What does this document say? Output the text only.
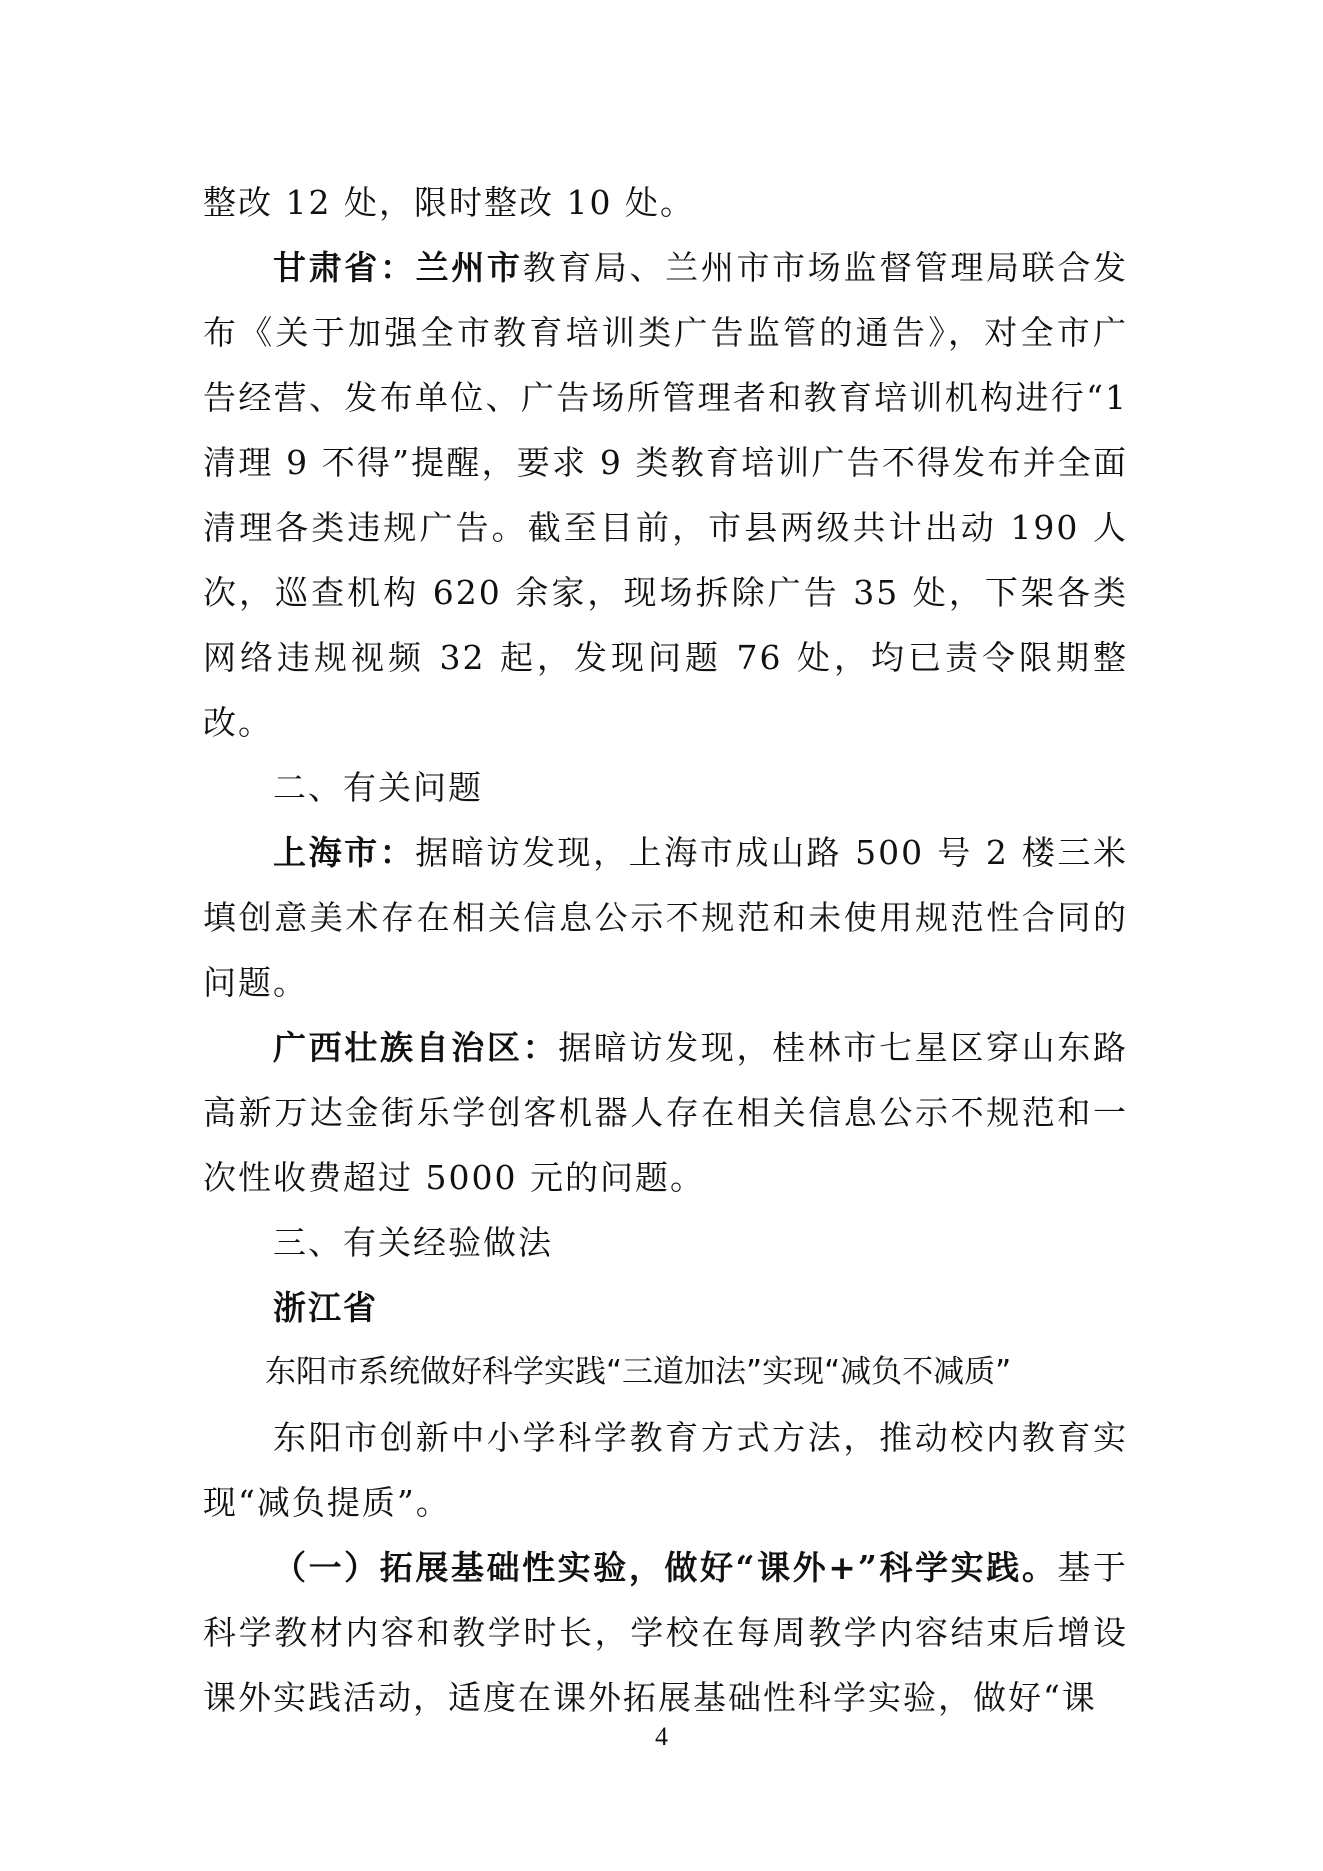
整改 12 处，限时整改 10 处。

甘肃省：兰州市教育局、兰州市市场监督管理局联合发布《关于加强全市教育培训类广告监管的通告》，对全市广告经营、发布单位、广告场所管理者和教育培训机构进行“1清理 9 不得”提醒，要求 9 类教育培训广告不得发布并全面清理各类违规广告。截至目前，市县两级共计出动 190 人次，巡查机构 620 余家，现场拆除广告 35 处，下架各类网络违规视频 32 起，发现问题 76 处，均已责令限期整改。

二、有关问题

上海市：据暗访发现，上海市成山路 500 号 2 楼三米填创意美术存在相关信息公示不规范和未使用规范性合同的问题。

广西壮族自治区：据暗访发现，桂林市七星区穿山东路高新万达金街乐学创客机器人存在相关信息公示不规范和一次性收费超过 5000 元的问题。

三、有关经验做法

浙江省

东阳市系统做好科学实践“三道加法”实现“减负不减质”

东阳市创新中小学科学教育方式方法，推动校内教育实现“减负提质”。

（一）拓展基础性实验，做好“课外+”科学实践。基于科学教材内容和教学时长，学校在每周教学内容结束后增设课外实践活动，适度在课外拓展基础性科学实验，做好“课

4
